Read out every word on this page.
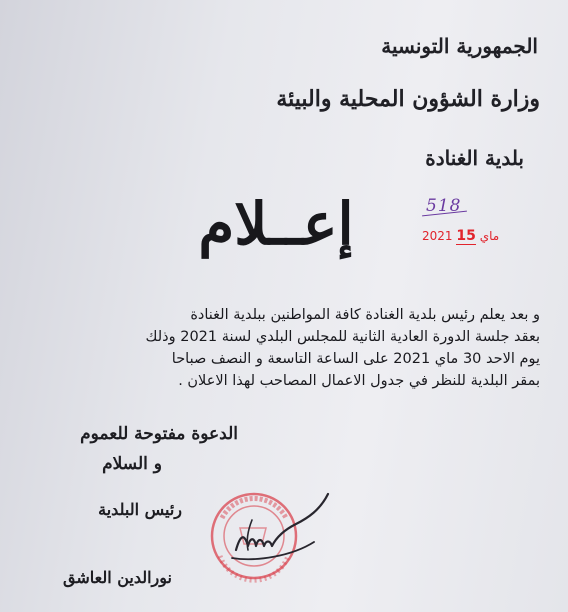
الجمهورية التونسية
وزارة الشؤون المحلية والبيئة
بلدية الغنادة
إعــلام	518
2021 ماي 15

و بعد يعلم رئيس بلدية الغنادة كافة المواطنين ببلدية الغنادة

بعقد جلسة الدورة العادية الثانية للمجلس البلدي لسنة 2021 وذلك

يوم الاحد 30 ماي 2021 على الساعة التاسعة و النصف صباحا

بمقر البلدية للنظر في جدول الاعمال المصاحب لهذا الاعلان .

الدعوة مفتوحة للعموم
و السلام
رئيس البلدية
نورالدين العاشق
